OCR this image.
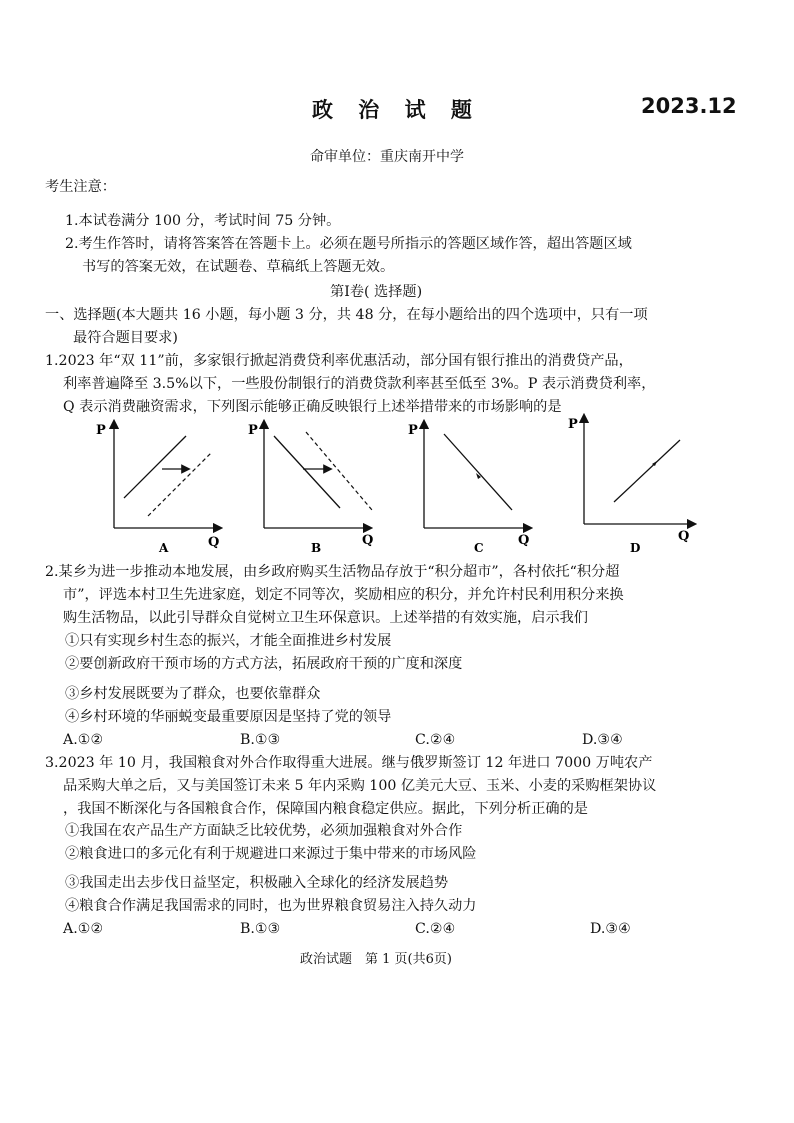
政 治 试 题	2023.12
命审单位：重庆南开中学
考生注意：
1.本试卷满分 100 分，考试时间 75 分钟。
2.考生作答时，请将答案答在答题卡上。必须在题号所指示的答题区域作答，超出答题区域
书写的答案无效，在试题卷、草稿纸上答题无效。
第Ⅰ卷( 选择题)
一、选择题(本大题共 16 小题，每小题 3 分，共 48 分，在每小题给出的四个选项中，只有一项
最符合题目要求)
1.2023 年“双 11”前，多家银行掀起消费贷利率优惠活动，部分国有银行推出的消费贷产品，
利率普遍降至 3.5%以下，一些股份制银行的消费贷款利率甚至低至 3%。P 表示消费贷利率，
Q 表示消费融资需求，下列图示能够正确反映银行上述举措带来的市场影响的是
P
Q
A
P
Q
B
P
Q
C
P
Q
D
2.某乡为进一步推动本地发展，由乡政府购买生活物品存放于“积分超市”，各村依托“积分超
市”，评选本村卫生先进家庭，划定不同等次，奖励相应的积分，并允许村民利用积分来换
购生活物品，以此引导群众自觉树立卫生环保意识。上述举措的有效实施，启示我们
①只有实现乡村生态的振兴，才能全面推进乡村发展
②要创新政府干预市场的方式方法，拓展政府干预的广度和深度
③乡村发展既要为了群众，也要依靠群众
④乡村环境的华丽蜕变最重要原因是坚持了党的领导
A.①②	B.①③	C.②④	D.③④
3.2023 年 10 月，我国粮食对外合作取得重大进展。继与俄罗斯签订 12 年进口 7000 万吨农产
品采购大单之后，又与美国签订未来 5 年内采购 100 亿美元大豆、玉米、小麦的采购框架协议
，我国不断深化与各国粮食合作，保障国内粮食稳定供应。据此，下列分析正确的是
①我国在农产品生产方面缺乏比较优势，必须加强粮食对外合作
②粮食进口的多元化有利于规避进口来源过于集中带来的市场风险
③我国走出去步伐日益坚定，积极融入全球化的经济发展趋势
④粮食合作满足我国需求的同时，也为世界粮食贸易注入持久动力
A.①②	B.①③	C.②④	D.③④
政治试题　第 1 页(共6页)
